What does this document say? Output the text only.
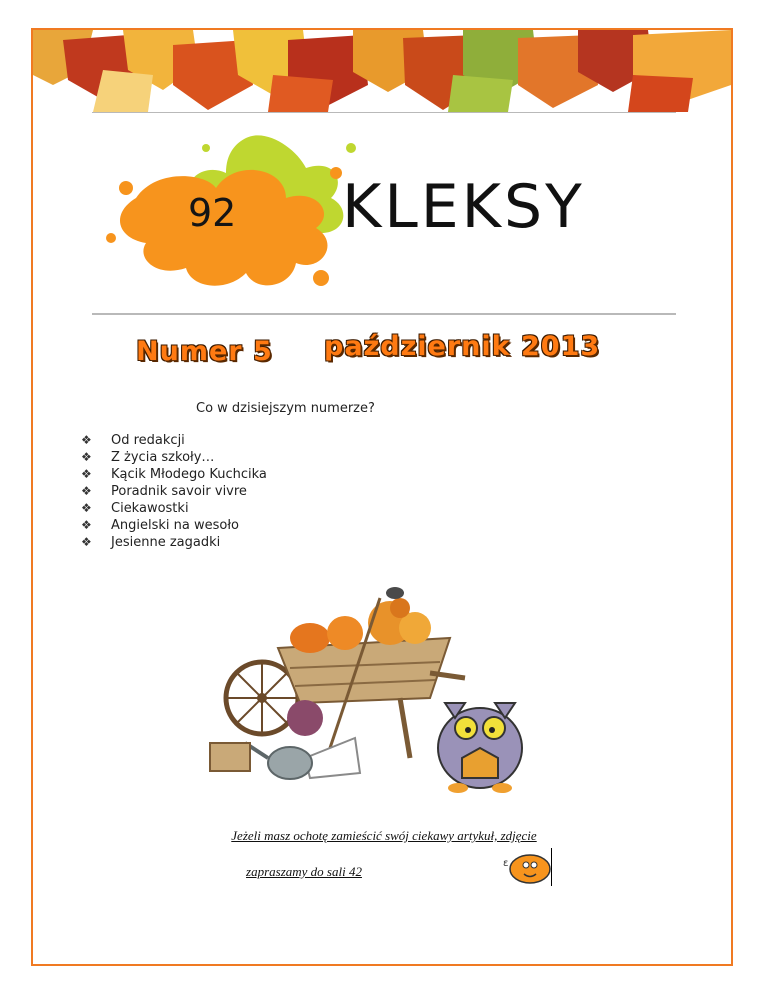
92 KLEKSY
Numer 5 październik 2013
Co w dzisiejszym numerze?
❖	Od redakcji
❖	Z życia szkoły…
❖	Kącik Młodego Kuchcika
❖	Poradnik savoir vivre
❖	Ciekawostki
❖	Angielski na wesoło
❖	Jesienne zagadki
Jeżeli masz ochotę zamieścić swój ciekawy artykuł, zdjęcie
zapraszamy do sali 42
ε
